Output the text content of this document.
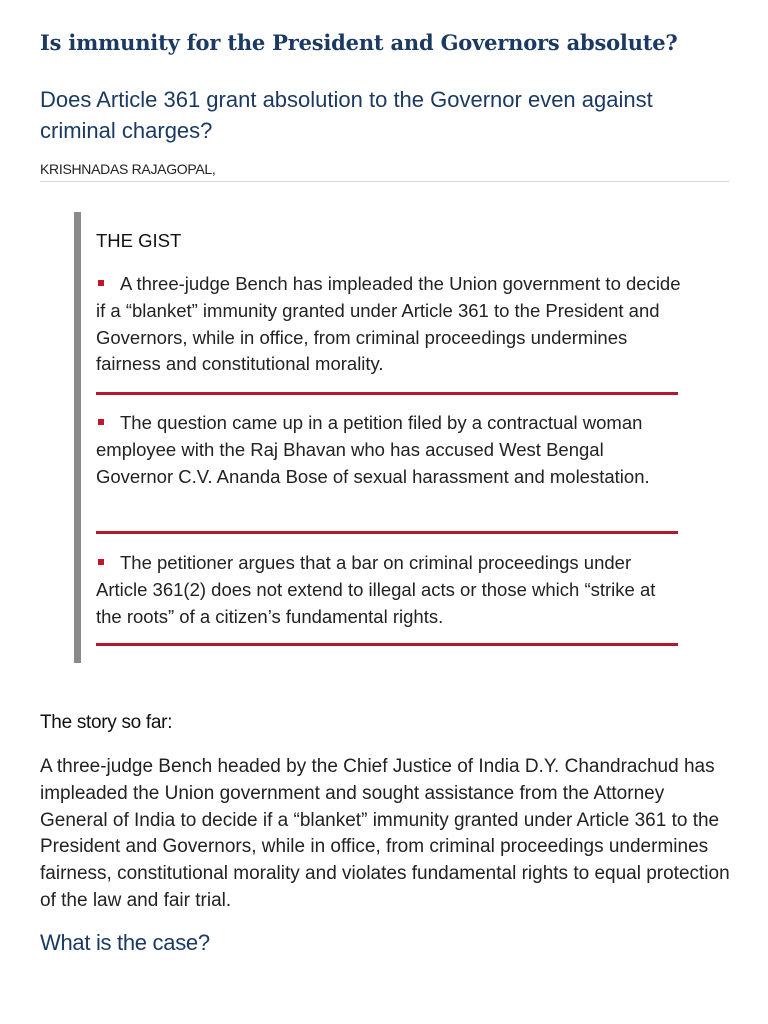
Is immunity for the President and Governors absolute?
Does Article 361 grant absolution to the Governor even against criminal charges?
KRISHNADAS RAJAGOPAL,
THE GIST

A three-judge Bench has impleaded the Union government to decide if a “blanket” immunity granted under Article 361 to the President and Governors, while in office, from criminal proceedings undermines fairness and constitutional morality.

The question came up in a petition filed by a contractual woman employee with the Raj Bhavan who has accused West Bengal Governor C.V. Ananda Bose of sexual harassment and molestation.

The petitioner argues that a bar on criminal proceedings under Article 361(2) does not extend to illegal acts or those which “strike at the roots” of a citizen’s fundamental rights.

The story so far:

A three-judge Bench headed by the Chief Justice of India D.Y. Chandrachud has impleaded the Union government and sought assistance from the Attorney General of India to decide if a “blanket” immunity granted under Article 361 to the President and Governors, while in office, from criminal proceedings undermines fairness, constitutional morality and violates fundamental rights to equal protection of the law and fair trial.

What is the case?
